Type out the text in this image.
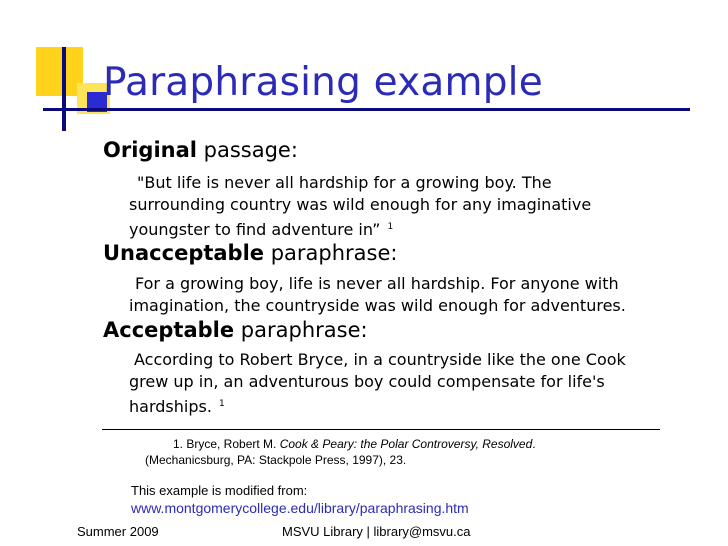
Paraphrasing example
Original passage:
"But life is never all hardship for a growing boy. The
surrounding country was wild enough for any imaginative
youngster to find adventure in” $^1$
Unacceptable paraphrase:
For a growing boy, life is never all hardship. For anyone with
imagination, the countryside was wild enough for adventures.
Acceptable paraphrase:
According to Robert Bryce, in a countryside like the one Cook
grew up in, an adventurous boy could compensate for life's
hardships. $^1$
1. Bryce, Robert M. Cook & Peary: the Polar Controversy, Resolved.
(Mechanicsburg, PA: Stackpole Press, 1997), 23.
This example is modified from:
www.montgomerycollege.edu/library/paraphrasing.htm
Summer 2009	MSVU Library | library@msvu.ca
